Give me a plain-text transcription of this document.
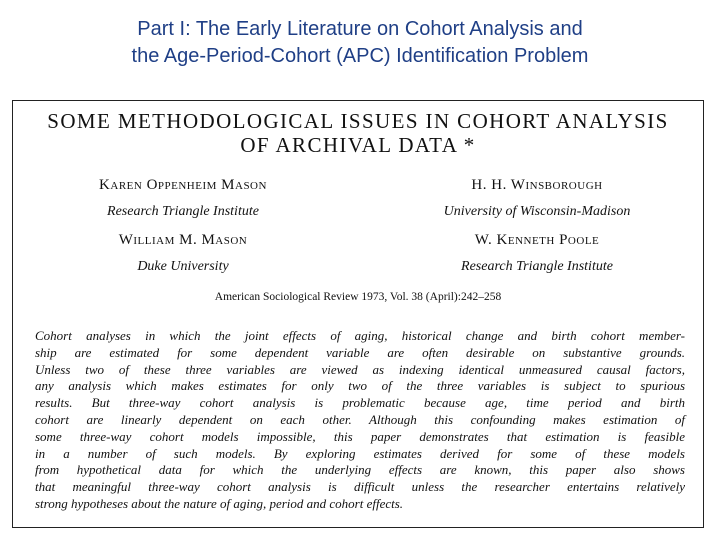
Part I: The Early Literature on Cohort Analysis and
the Age-Period-Cohort (APC) Identification Problem
SOME METHODOLOGICAL ISSUES IN COHORT ANALYSIS
OF ARCHIVAL DATA *
Karen Oppenheim Mason
Research Triangle Institute
H. H. Winsborough
University of Wisconsin-Madison
William M. Mason
Duke University
W. Kenneth Poole
Research Triangle Institute
American Sociological Review 1973, Vol. 38 (April):242–258
Cohort analyses in which the joint effects of aging, historical change and birth cohort member-
ship are estimated for some dependent variable are often desirable on substantive grounds.
Unless two of these three variables are viewed as indexing identical unmeasured causal factors,
any analysis which makes estimates for only two of the three variables is subject to spurious
results. But three-way cohort analysis is problematic because age, time period and birth
cohort are linearly dependent on each other. Although this confounding makes estimation of
some three-way cohort models impossible, this paper demonstrates that estimation is feasible
in a number of such models. By exploring estimates derived for some of these models
from hypothetical data for which the underlying effects are known, this paper also shows
that meaningful three-way cohort analysis is difficult unless the researcher entertains relatively
strong hypotheses about the nature of aging, period and cohort effects.
